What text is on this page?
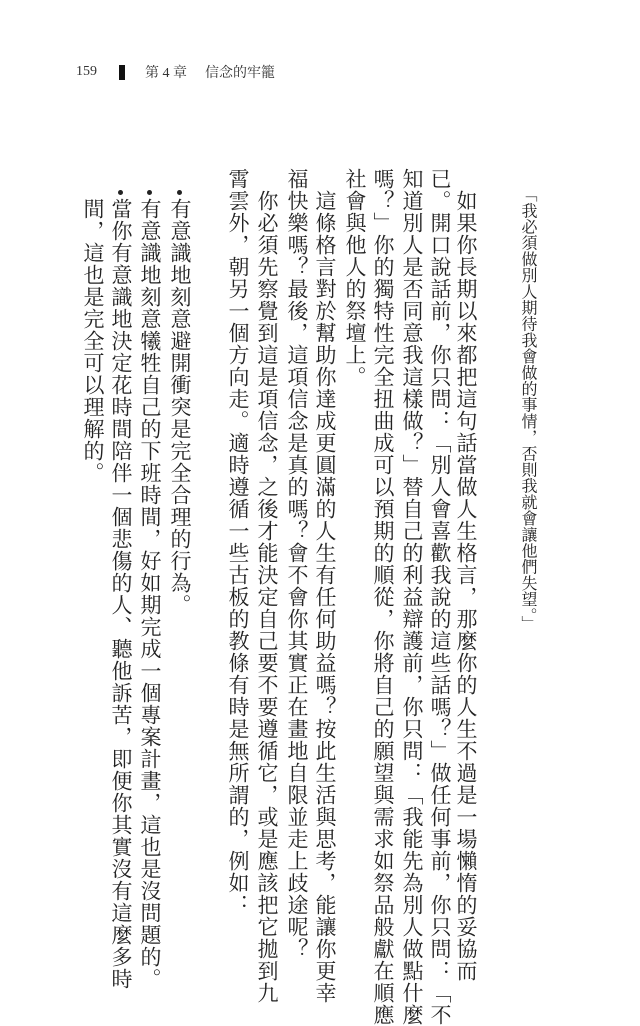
159	第 4 章 信念的牢籠
「我必須做別人期待我會做的事情，否則我就會讓他們失望。」
如果你長期以來都把這句話當做人生格言，那麼你的人生不過是一場懶惰的妥協而
已。開口說話前，你只問：「別人會喜歡我說的這些話嗎？」做任何事前，你只問：「不
知道別人是否同意我這樣做？」替自己的利益辯護前，你只問：「我能先為別人做點什麼
嗎？」你的獨特性完全扭曲成可以預期的順從，你將自己的願望與需求如祭品般獻在順應
社會與他人的祭壇上。
這條格言對於幫助你達成更圓滿的人生有任何助益嗎？按此生活與思考，能讓你更幸
福快樂嗎？最後，這項信念是真的嗎？會不會你其實正在畫地自限並走上歧途呢？
你必須先察覺到這是項信念，之後才能決定自己要不要遵循它，或是應該把它拋到九
霄雲外，朝另一個方向走。適時遵循一些古板的教條有時是無所謂的，例如：
有意識地刻意避開衝突是完全合理的行為。
有意識地刻意犧牲自己的下班時間，好如期完成一個專案計畫，這也是沒問題的。
當你有意識地決定花時間陪伴一個悲傷的人、聽他訴苦，即便你其實沒有這麼多時
間，這也是完全可以理解的。
